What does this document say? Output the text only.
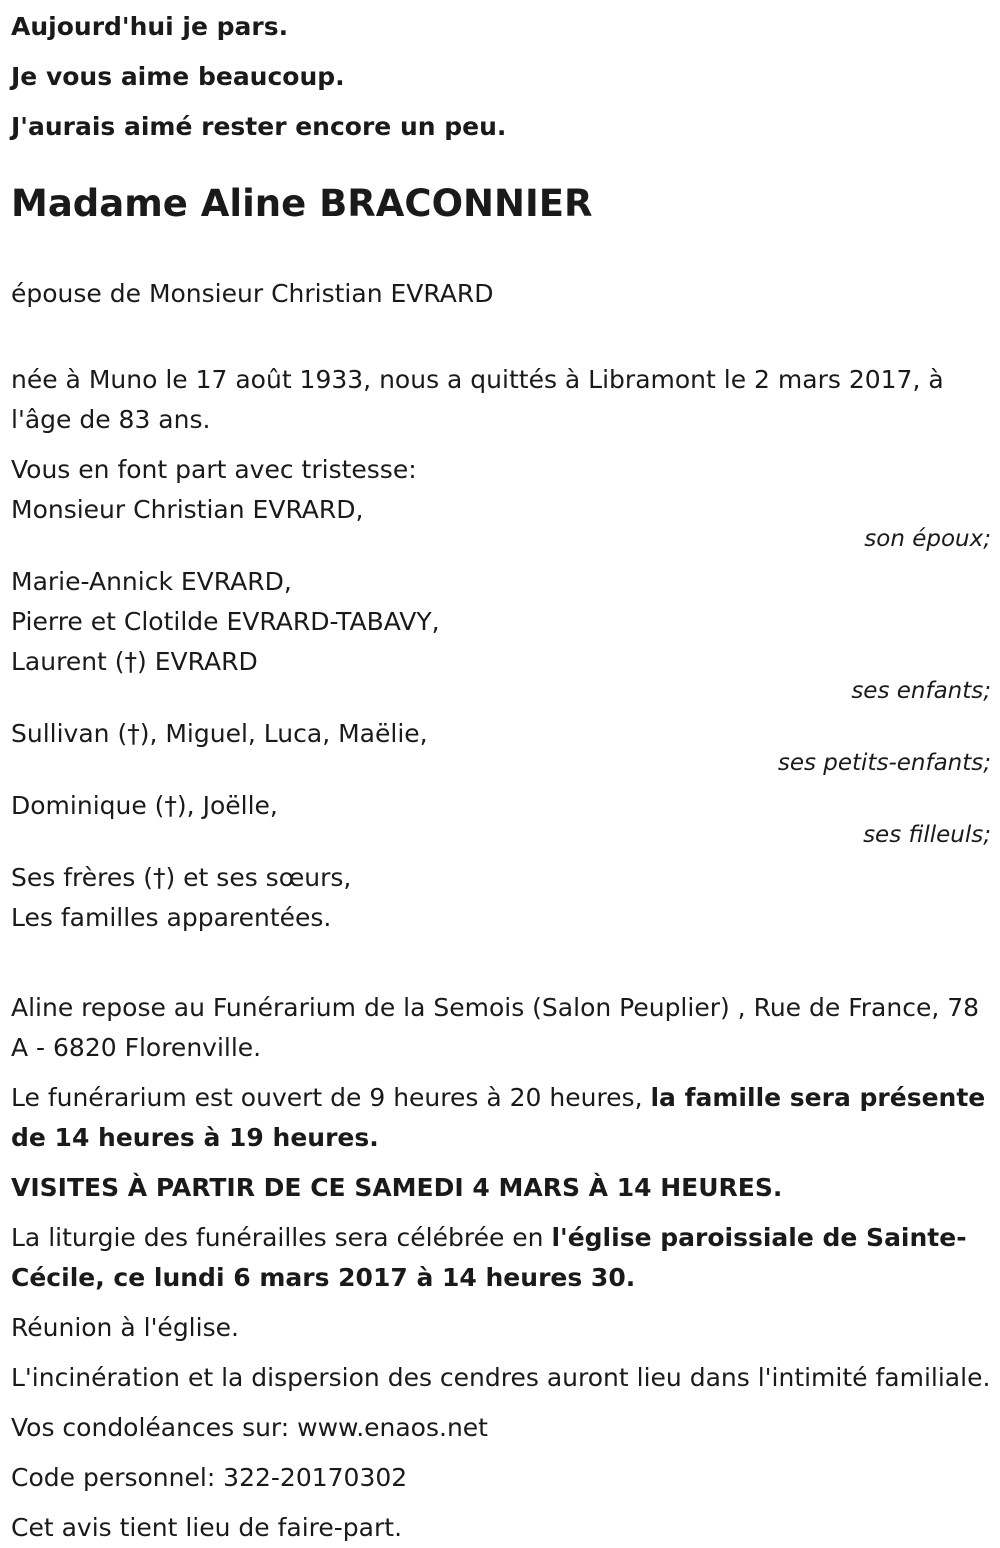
Aujourd'hui je pars.
Je vous aime beaucoup.
J'aurais aimé rester encore un peu.
Madame Aline BRACONNIER
épouse de Monsieur Christian EVRARD
née à Muno le 17 août 1933, nous a quittés à Libramont le 2 mars 2017, à l'âge de 83 ans.
Vous en font part avec tristesse:
Monsieur Christian EVRARD,
son époux;
Marie-Annick EVRARD,
Pierre et Clotilde EVRARD-TABAVY,
Laurent (†) EVRARD
ses enfants;
Sullivan (†), Miguel, Luca, Maëlie,
ses petits-enfants;
Dominique (†), Joëlle,
ses filleuls;
Ses frères (†) et ses sœurs,
Les familles apparentées.
Aline repose au Funérarium de la Semois (Salon Peuplier) , Rue de France, 78 A - 6820 Florenville.
Le funérarium est ouvert de 9 heures à 20 heures, la famille sera présente de 14 heures à 19 heures.
VISITES À PARTIR DE CE SAMEDI 4 MARS À 14 HEURES.
La liturgie des funérailles sera célébrée en l'église paroissiale de Sainte-Cécile, ce lundi 6 mars 2017 à 14 heures 30.
Réunion à l'église.
L'incinération et la dispersion des cendres auront lieu dans l'intimité familiale.
Vos condoléances sur: www.enaos.net
Code personnel: 322-20170302
Cet avis tient lieu de faire-part.
